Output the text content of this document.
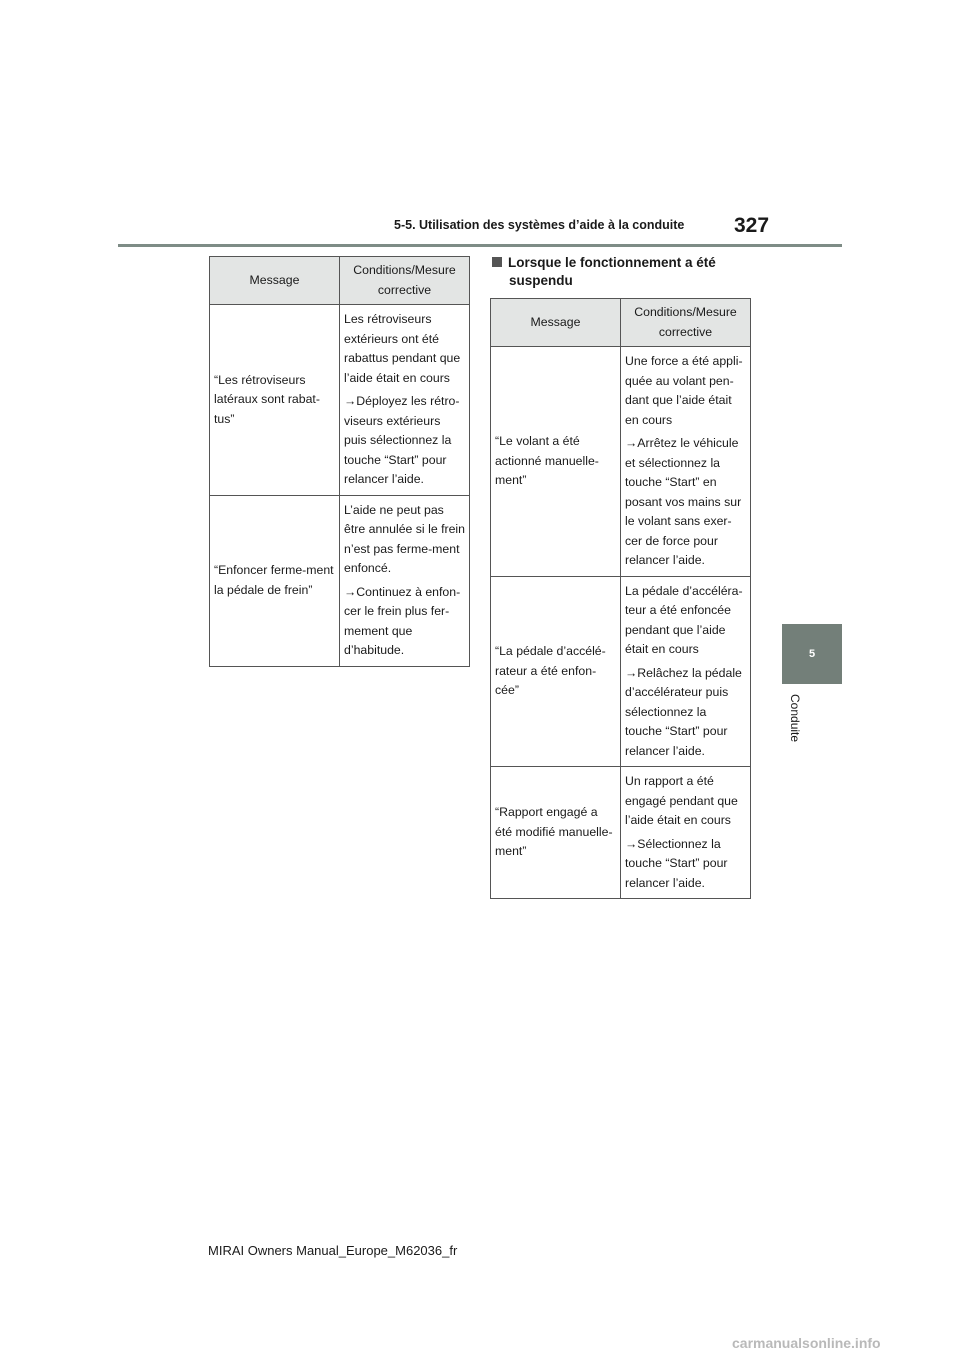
5-5. Utilisation des systèmes d’aide à la conduite	327
5
Conduite
Message	Conditions/Mesure corrective
“Les rétroviseurs latéraux sont rabat-tus”	Les rétroviseurs extérieurs ont été rabattus pendant que l’aide était en cours

→Déployez les rétro-viseurs extérieurs puis sélectionnez la touche “Start” pour relancer l’aide.

“Enfoncer ferme-ment la pédale de frein”	L’aide ne peut pas être annulée si le frein n’est pas ferme-ment enfoncé.

→Continuez à enfon-cer le frein plus fer-mement que d’habitude.

Lorsque le fonctionnement a été
suspendu
Message	Conditions/Mesure corrective
“Le volant a été actionné manuelle-ment”	Une force a été appli-quée au volant pen-dant que l’aide était en cours

→Arrêtez le véhicule et sélectionnez la touche “Start” en posant vos mains sur le volant sans exer-cer de force pour relancer l’aide.

“La pédale d’accélé-rateur a été enfon-cée”	La pédale d’accéléra-teur a été enfoncée pendant que l’aide était en cours

→Relâchez la pédale d’accélérateur puis sélectionnez la touche “Start” pour relancer l’aide.

“Rapport engagé a été modifié manuelle-ment”	Un rapport a été engagé pendant que l’aide était en cours

→Sélectionnez la touche “Start” pour relancer l’aide.

MIRAI Owners Manual_Europe_M62036_fr
carmanualsonline.info
